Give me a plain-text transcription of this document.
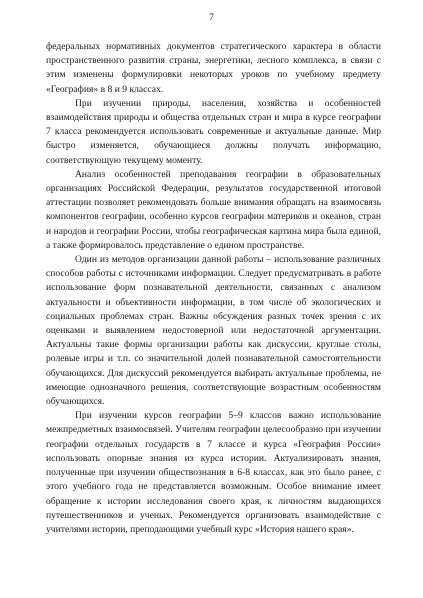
7

федеральных нормативных документов стратегического характера в области пространственного развития страны, энергетики, лесного комплекса, в связи с этим изменены формулировки некоторых уроков по учебному предмету «География» в 8 и 9 классах.

При изучении природы, населения, хозяйства и особенностей взаимодействия природы и общества отдельных стран и мира в курсе географии 7 класса рекомендуется использовать современные и актуальные данные. Мир быстро изменяется, обучающиеся должны получать информацию, соответствующую текущему моменту.

Анализ особенностей преподавания географии в образовательных организациях Российской Федерации, результатов государственной итоговой аттестации позволяет рекомендовать больше внимания обращать на взаимосвязь компонентов географии, особенно курсов географии материков и океанов, стран и народов и географии России, чтобы географическая картина мира была единой, а также формировалось представление о едином пространстве.

Один из методов организации данной работы – использование различных способов работы с источниками информации. Следует предусматривать в работе использование форм познавательной деятельности, связанных с анализом актуальности и объективности информации, в том числе об экологических и социальных проблемах стран. Важны обсуждения разных точек зрения с их оценками и выявлением недостоверной или недостаточной аргументации. Актуальны такие формы организации работы как дискуссии, круглые столы, ролевые игры и т.п. со значительной долей познавательной самостоятельности обучающихся. Для дискуссий рекомендуется выбирать актуальные проблемы, не имеющие однозначного решения, соответствующие возрастным особенностям обучающихся.

При изучении курсов географии 5–9 классов важно использование межпредметных взаимосвязей. Учителям географии целесообразно при изучении географии отдельных государств в 7 классе и курса «География России» использовать опорные знания из курса истории. Актуализировать знания, полученные при изучении обществознания в 6-8 классах, как это было ранее, с этого учебного года не представляется возможным. Особое внимание имеет обращение к истории исследования своего края, к личностям выдающихся путешественников и ученых. Рекомендуется организовать взаимодействие с учителями истории, преподающими учебный курс «История нашего края».
